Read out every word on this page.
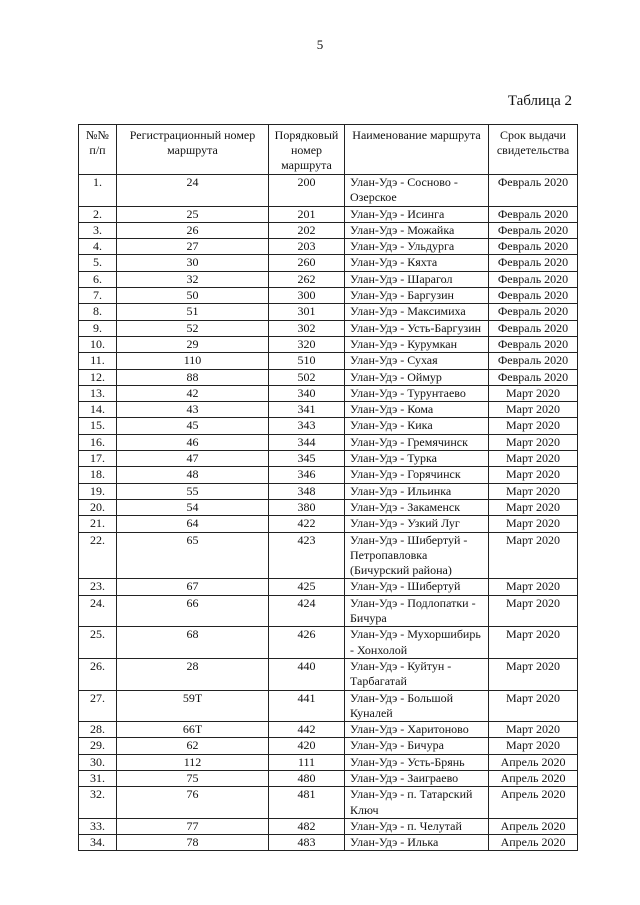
5
Таблица 2
№№ п/п	Регистрационный номер маршрута	Порядковый номер маршрута	Наименование маршрута	Срок выдачи свидетельства
1.	24	200	Улан-Удэ - Сосново - Озерское	Февраль 2020
2.	25	201	Улан-Удэ - Исинга	Февраль 2020
3.	26	202	Улан-Удэ - Можайка	Февраль 2020
4.	27	203	Улан-Удэ - Ульдурга	Февраль 2020
5.	30	260	Улан-Удэ - Кяхта	Февраль 2020
6.	32	262	Улан-Удэ - Шарагол	Февраль 2020
7.	50	300	Улан-Удэ - Баргузин	Февраль 2020
8.	51	301	Улан-Удэ - Максимиха	Февраль 2020
9.	52	302	Улан-Удэ - Усть-Баргузин	Февраль 2020
10.	29	320	Улан-Удэ - Курумкан	Февраль 2020
11.	110	510	Улан-Удэ - Сухая	Февраль 2020
12.	88	502	Улан-Удэ - Оймур	Февраль 2020
13.	42	340	Улан-Удэ - Турунтаево	Март 2020
14.	43	341	Улан-Удэ - Кома	Март 2020
15.	45	343	Улан-Удэ - Кика	Март 2020
16.	46	344	Улан-Удэ - Гремячинск	Март 2020
17.	47	345	Улан-Удэ - Турка	Март 2020
18.	48	346	Улан-Удэ - Горячинск	Март 2020
19.	55	348	Улан-Удэ - Ильинка	Март 2020
20.	54	380	Улан-Удэ - Закаменск	Март 2020
21.	64	422	Улан-Удэ - Узкий Луг	Март 2020
22.	65	423	Улан-Удэ - Шибертуй - Петропавловка (Бичурский района)	Март 2020
23.	67	425	Улан-Удэ - Шибертуй	Март 2020
24.	66	424	Улан-Удэ - Подлопатки - Бичура	Март 2020
25.	68	426	Улан-Удэ - Мухоршибирь - Хонхолой	Март 2020
26.	28	440	Улан-Удэ - Куйтун - Тарбагатай	Март 2020
27.	59Т	441	Улан-Удэ - Большой Куналей	Март 2020
28.	66Т	442	Улан-Удэ - Харитоново	Март 2020
29.	62	420	Улан-Удэ - Бичура	Март 2020
30.	112	111	Улан-Удэ - Усть-Брянь	Апрель 2020
31.	75	480	Улан-Удэ - Заиграево	Апрель 2020
32.	76	481	Улан-Удэ - п. Татарский Ключ	Апрель 2020
33.	77	482	Улан-Удэ - п. Челутай	Апрель 2020
34.	78	483	Улан-Удэ - Илька	Апрель 2020
